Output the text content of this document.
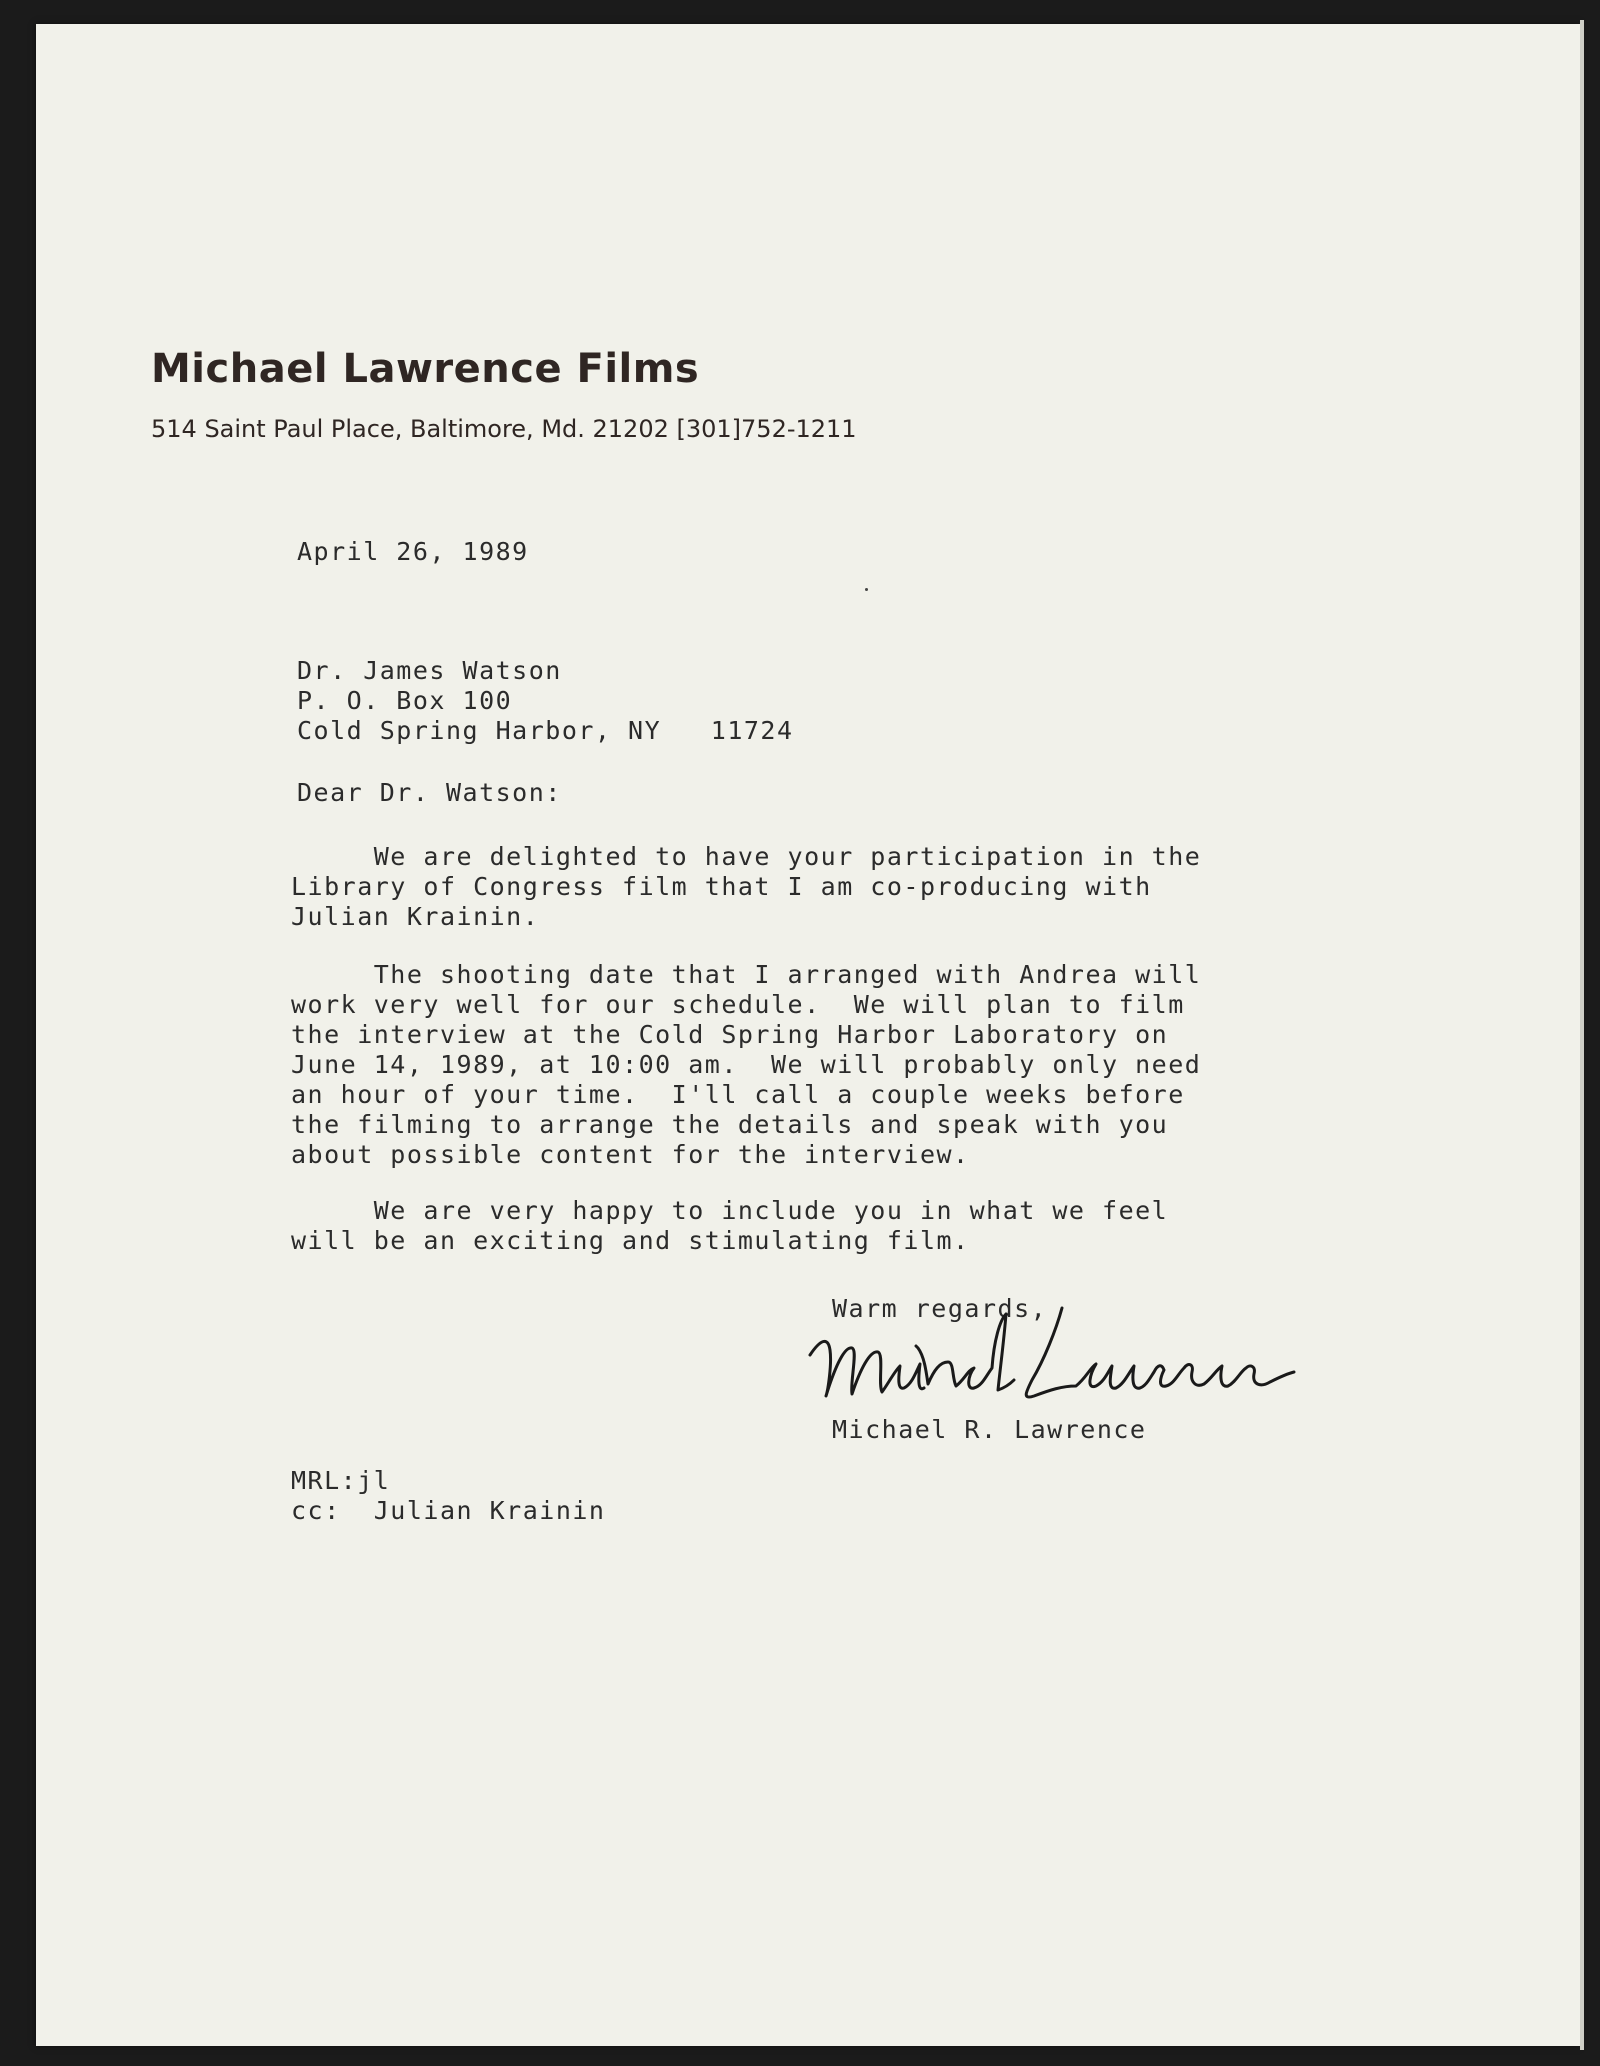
Michael Lawrence Films
514 Saint Paul Place, Baltimore, Md. 21202 [301]752-1211
April 26, 1989
Dr. James Watson
P. O. Box 100
Cold Spring Harbor, NY   11724
Dear Dr. Watson:
We are delighted to have your participation in the
Library of Congress film that I am co-producing with
Julian Krainin.
The shooting date that I arranged with Andrea will
work very well for our schedule.  We will plan to film
the interview at the Cold Spring Harbor Laboratory on
June 14, 1989, at 10:00 am.  We will probably only need
an hour of your time.  I'll call a couple weeks before
the filming to arrange the details and speak with you
about possible content for the interview.
We are very happy to include you in what we feel
will be an exciting and stimulating film.
Warm regards,
Michael R. Lawrence
MRL:jl
cc:  Julian Krainin
